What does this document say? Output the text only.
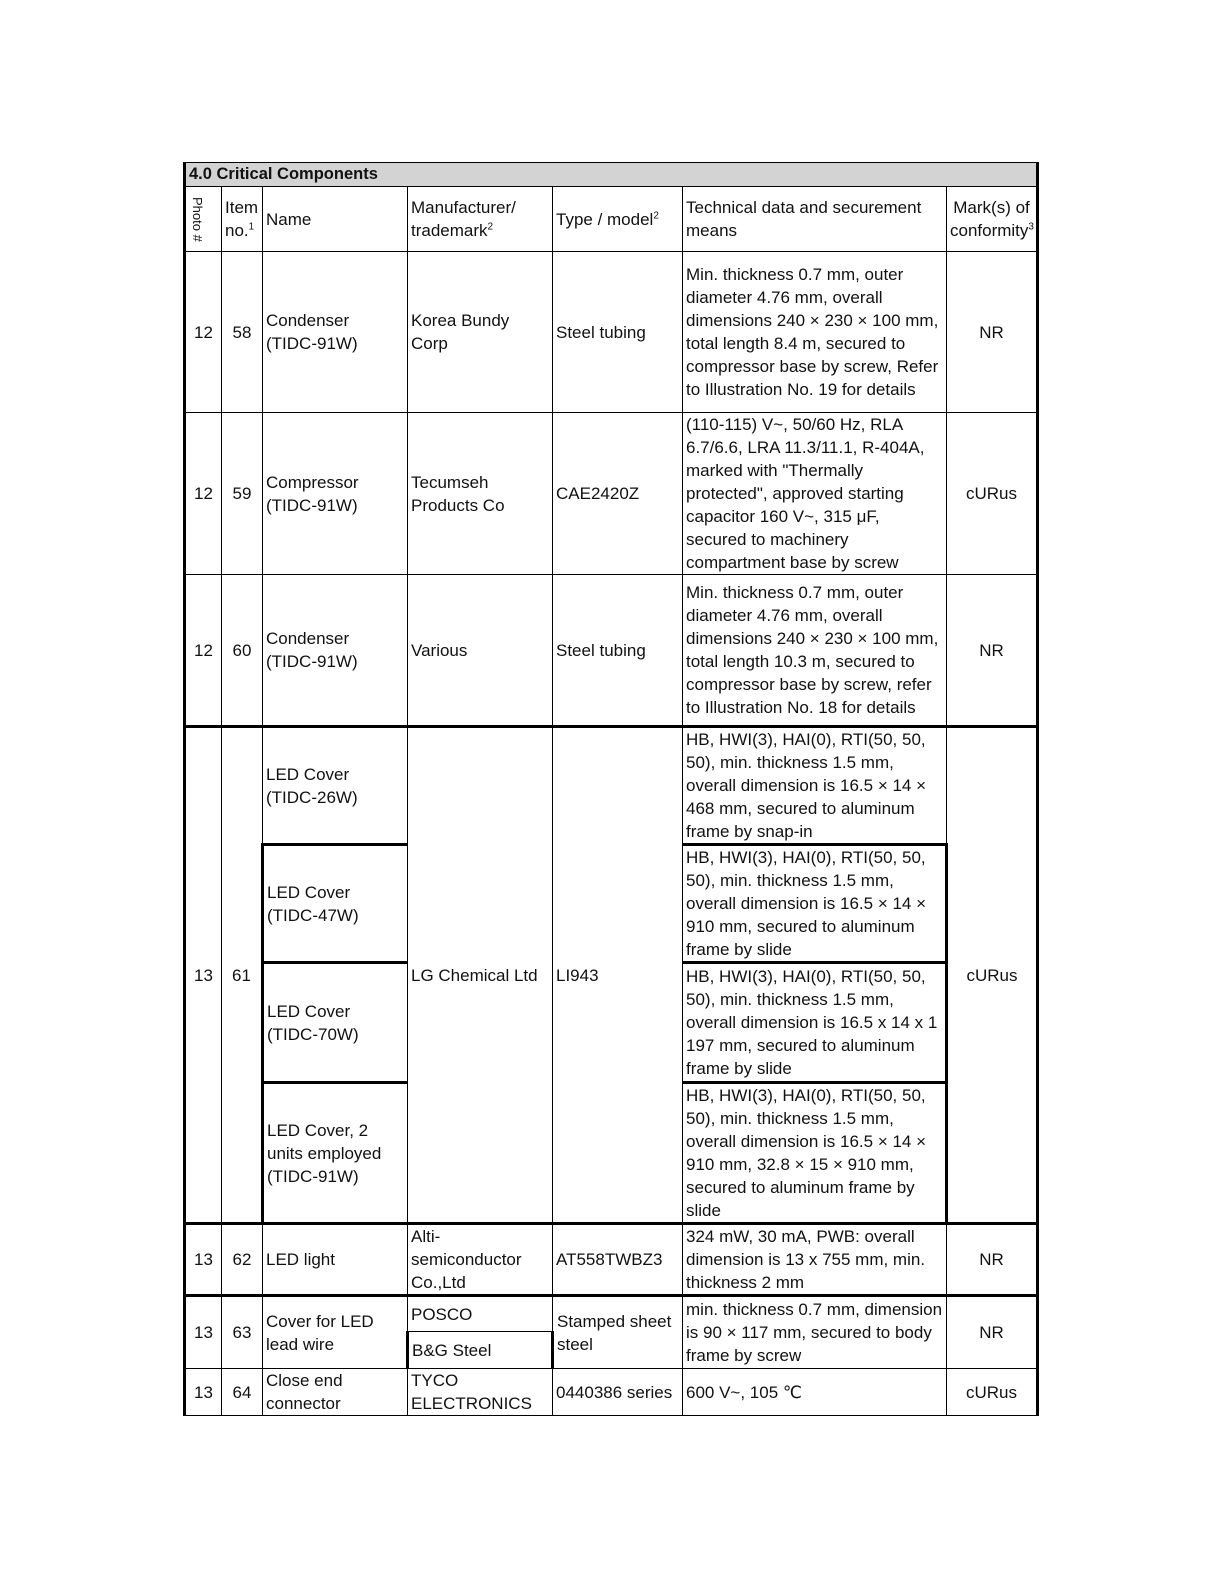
4.0 Critical Components						

Photo #	Item no.$^1$	Name	Manufacturer/ trademark$^2$	Type / model$^2$	Technical data and securement means	Mark(s) of conformity$^3$
12	58	Condenser (TIDC-91W)	Korea Bundy Corp	Steel tubing	Min. thickness 0.7 mm, outer diameter 4.76 mm, overall dimensions 240 × 230 × 100 mm, total length 8.4 m, secured to compressor base by screw, Refer to Illustration No. 19 for details	NR
12	59	Compressor (TIDC-91W)	Tecumseh Products Co	CAE2420Z	(110-115) V~, 50/60 Hz, RLA 6.7/6.6, LRA 11.3/11.1, R-404A, marked with "Thermally protected", approved starting capacitor 160 V~, 315 μF, secured to machinery compartment base by screw	cURus
12	60	Condenser (TIDC-91W)	Various	Steel tubing	Min. thickness 0.7 mm, outer diameter 4.76 mm, overall dimensions 240 × 230 × 100 mm, total length 10.3 m, secured to compressor base by screw, refer to Illustration No. 18 for details	NR
13	61	LED Cover (TIDC-26W)	LG Chemical Ltd	LI943	HB, HWI(3), HAI(0), RTI(50, 50, 50), min. thickness 1.5 mm, overall dimension is 16.5 × 14 × 468 mm, secured to aluminum frame by snap-in	cURus
		LED Cover (TIDC-47W)			HB, HWI(3), HAI(0), RTI(50, 50, 50), min. thickness 1.5 mm, overall dimension is 16.5 × 14 × 910 mm, secured to aluminum frame by slide	
		LED Cover (TIDC-70W)			HB, HWI(3), HAI(0), RTI(50, 50, 50), min. thickness 1.5 mm, overall dimension is 16.5 x 14 x 1 197 mm, secured to aluminum frame by slide	
		LED Cover, 2 units employed (TIDC-91W)			HB, HWI(3), HAI(0), RTI(50, 50, 50), min. thickness 1.5 mm, overall dimension is 16.5 × 14 × 910 mm, 32.8 × 15 × 910 mm, secured to aluminum frame by slide	
13	62	LED light	Alti-semiconductor Co.,Ltd	AT558TWBZ3	324 mW, 30 mA, PWB: overall dimension is 13 x 755 mm, min. thickness 2 mm	NR
13	63	Cover for LED lead wire	POSCO	Stamped sheet steel	min. thickness 0.7 mm, dimension is 90 × 117 mm, secured to body frame by screw	NR
			B&G Steel			
13	64	Close end connector	TYCO ELECTRONICS	0440386 series	600 V~, 105 ℃	cURus
